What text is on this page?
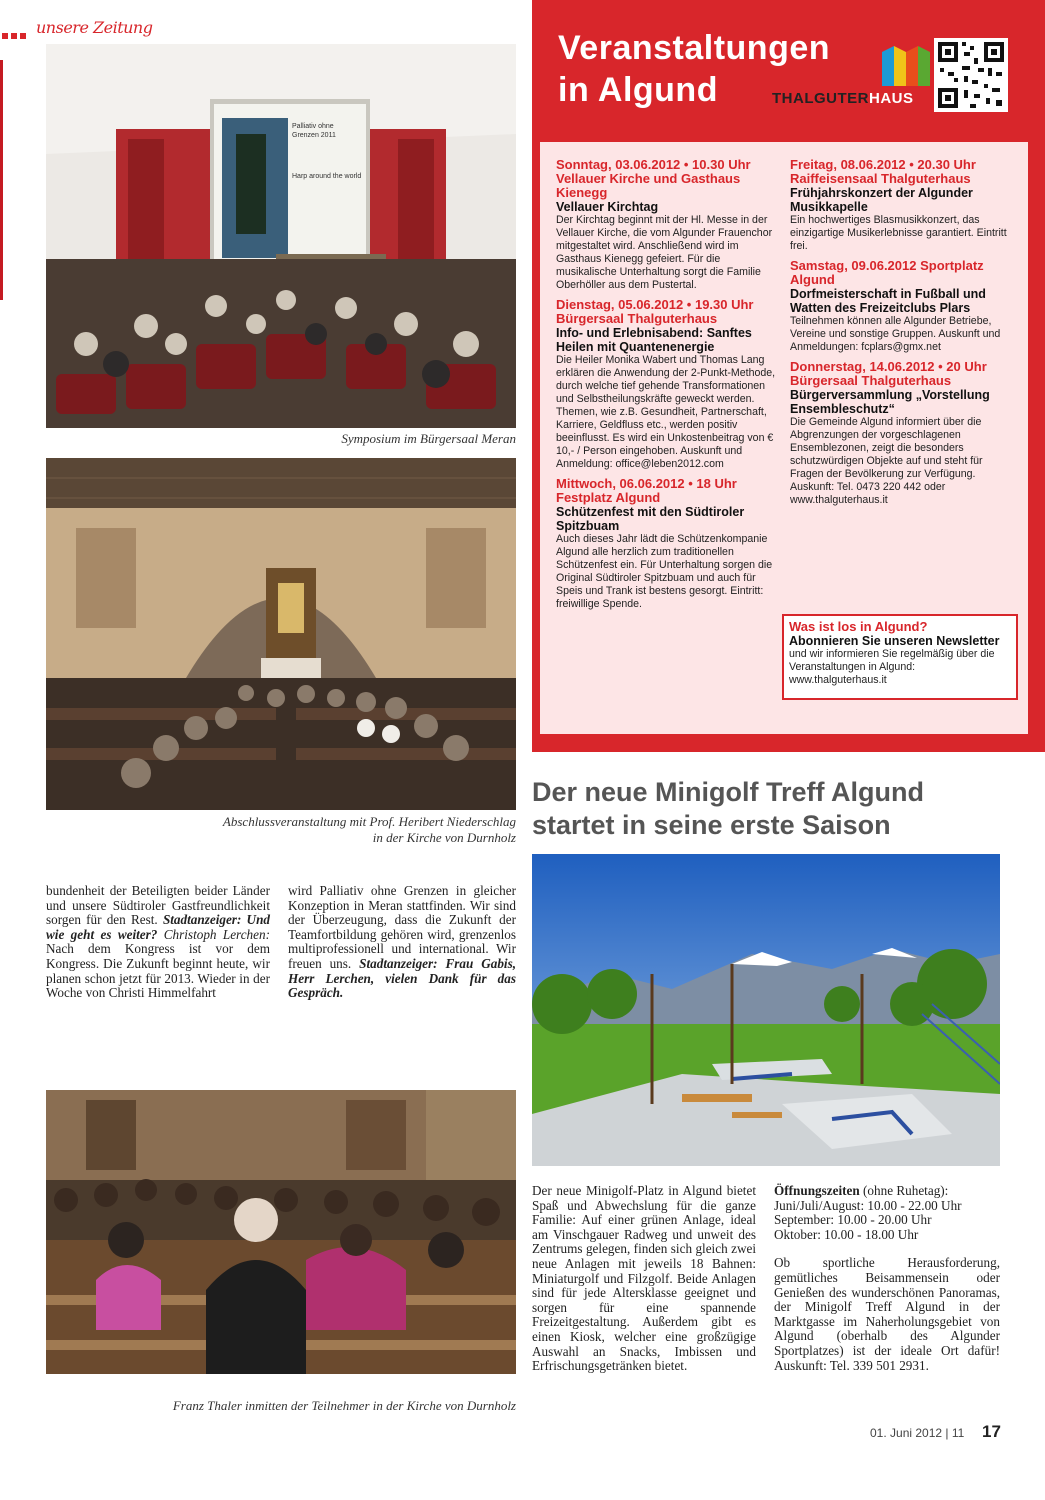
unsere Zeitung
Palliativ ohne
Grenzen 2011
Harp around the world
Symposium im Bürgersaal Meran
Abschlussveranstaltung mit Prof. Heribert Niederschlag
in der Kirche von Durnholz

bundenheit der Beteiligten beider Länder und unsere Südtiroler Gastfreundlichkeit sorgen für den Rest. Stadtanzeiger: Und wie geht es weiter? Christoph Lerchen: Nach dem Kongress ist vor dem Kongress. Die Zukunft beginnt heute, wir planen schon jetzt für 2013. Wieder in der Woche von Christi Himmelfahrt

wird Palliativ ohne Grenzen in gleicher Konzeption in Meran stattfinden. Wir sind der Überzeugung, dass die Zukunft der Teamfortbildung gehören wird, grenzenlos multiprofessionell und international. Wir freuen uns. Stadtanzeiger: Frau Gabis, Herr Lerchen, vielen Dank für das Gespräch.

Franz Thaler inmitten der Teilnehmer in der Kirche von Durnholz
Veranstaltungen
in Algund	THALGUTERHAUS
Sonntag, 03.06.2012 • 10.30 Uhr Vellauer Kirche und Gasthaus Kienegg
Vellauer Kirchtag
Der Kirchtag beginnt mit der Hl. Messe in der Vellauer Kirche, die vom Algunder Frauenchor mitgestaltet wird. Anschließend wird im Gasthaus Kienegg gefeiert. Für die musikalische Unterhaltung sorgt die Familie Oberhöller aus dem Pustertal.
Dienstag, 05.06.2012 • 19.30 Uhr Bürgersaal Thalguterhaus
Info- und Erlebnisabend: Sanftes Heilen mit Quantenenergie
Die Heiler Monika Wabert und Thomas Lang erklären die Anwendung der 2-Punkt-Methode, durch welche tief gehende Transformationen und Selbstheilungskräfte geweckt werden. Themen, wie z.B. Gesundheit, Partnerschaft, Karriere, Geldfluss etc., werden positiv beeinflusst. Es wird ein Unkostenbeitrag von € 10,- / Person eingehoben. Auskunft und Anmeldung: office@leben2012.com
Mittwoch, 06.06.2012 • 18 Uhr Festplatz Algund
Schützenfest mit den Südtiroler Spitzbuam
Auch dieses Jahr lädt die Schützenkompanie Algund alle herzlich zum traditionellen Schützenfest ein. Für Unterhaltung sorgen die Original Südtiroler Spitzbuam und auch für Speis und Trank ist bestens gesorgt. Eintritt: freiwillige Spende.
Freitag, 08.06.2012 • 20.30 Uhr Raiffeisensaal Thalguterhaus
Frühjahrskonzert der Algunder Musikkapelle
Ein hochwertiges Blasmusikkonzert, das einzigartige Musikerlebnisse garantiert. Eintritt frei.
Samstag, 09.06.2012 Sportplatz Algund
Dorfmeisterschaft in Fußball und Watten des Freizeitclubs Plars
Teilnehmen können alle Algunder Betriebe, Vereine und sonstige Gruppen. Auskunft und Anmeldungen: fcplars@gmx.net
Donnerstag, 14.06.2012 • 20 Uhr Bürgersaal Thalguterhaus
Bürgerversammlung „Vorstellung Ensembleschutz“
Die Gemeinde Algund informiert über die Abgrenzungen der vorgeschlagenen Ensemblezonen, zeigt die besonders schutzwürdigen Objekte auf und steht für Fragen der Bevölkerung zur Verfügung. Auskunft: Tel. 0473 220 442 oder www.thalguterhaus.it
Was ist los in Algund?
Abonnieren Sie unseren Newsletter
und wir informieren Sie regelmäßig über die Veranstaltungen in Algund: www.thalguterhaus.it
Der neue Minigolf Treff Algund
startet in seine erste Saison

Der neue Minigolf-Platz in Algund bietet Spaß und Abwechslung für die ganze Familie: Auf einer grünen Anlage, ideal am Vinschgauer Radweg und unweit des Zentrums gelegen, finden sich gleich zwei neue Anlagen mit jeweils 18 Bahnen: Miniaturgolf und Filzgolf. Beide Anlagen sind für jede Altersklasse geeignet und sorgen für eine spannende Freizeitgestaltung. Außerdem gibt es einen Kiosk, welcher eine großzügige Auswahl an Snacks, Imbissen und Erfrischungsgetränken bietet.

Öffnungszeiten (ohne Ruhetag):

Juni/Juli/August: 10.00 - 22.00 Uhr

September: 10.00 - 20.00 Uhr

Oktober: 10.00 - 18.00 Uhr

Ob sportliche Herausforderung, gemütliches Beisammensein oder Genießen des wunderschönen Panoramas, der Minigolf Treff Algund in der Marktgasse im Naherholungsgebiet von Algund (oberhalb des Algunder Sportplatzes) ist der ideale Ort dafür! Auskunft: Tel. 339 501 2931.

01. Juni 2012 | 11 17
